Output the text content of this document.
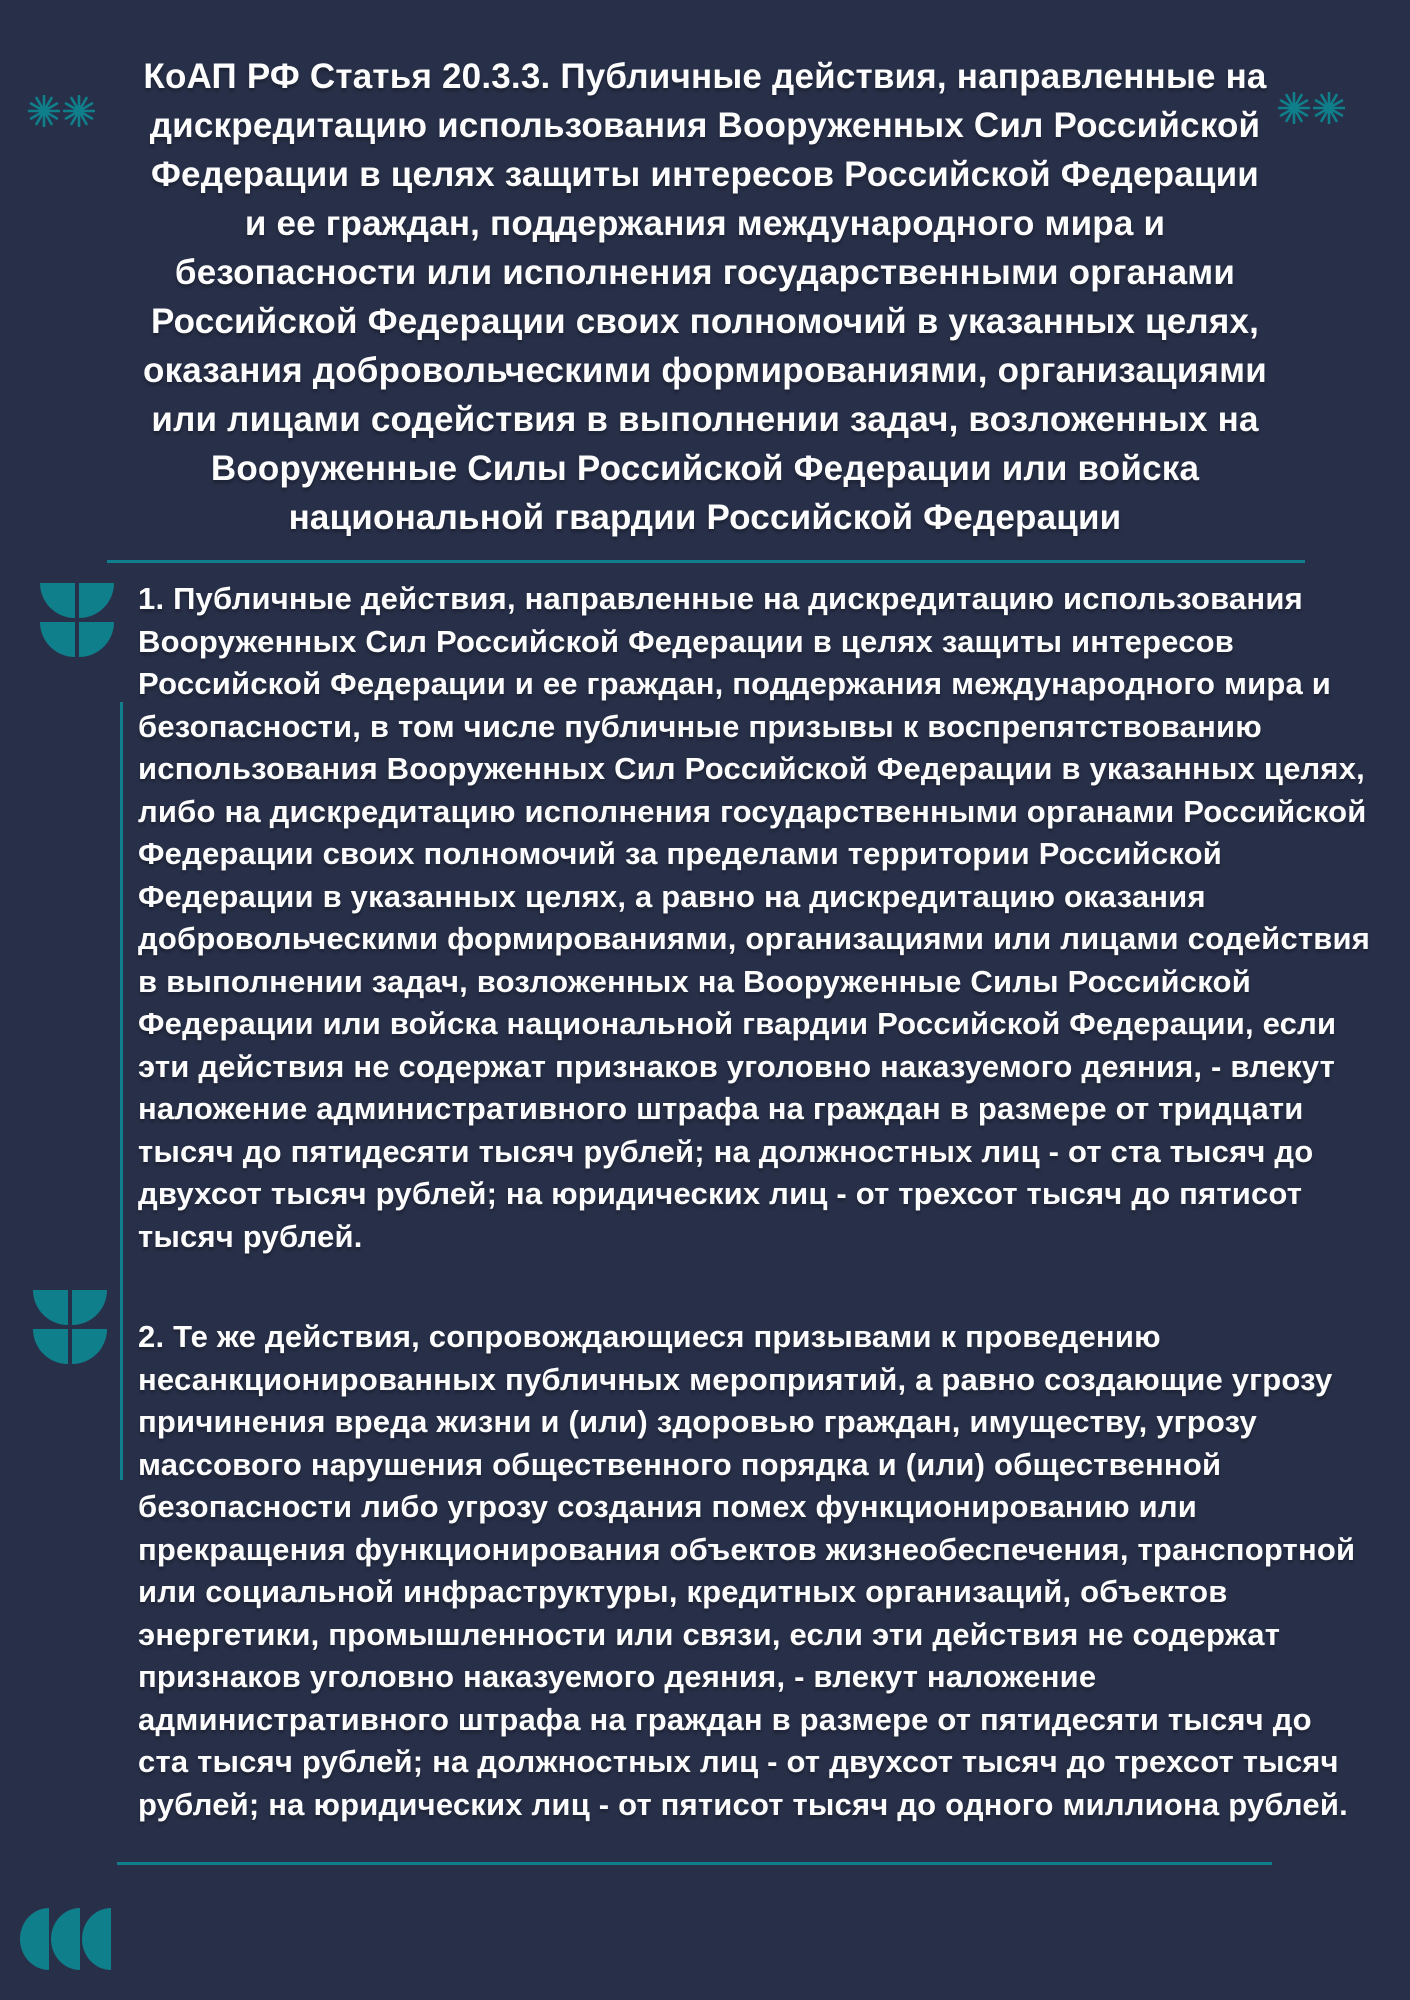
КоАП РФ Статья 20.3.3. Публичные действия, направленные на
дискредитацию использования Вооруженных Сил Российской
Федерации в целях защиты интересов Российской Федерации
и ее граждан, поддержания международного мира и
безопасности или исполнения государственными органами
Российской Федерации своих полномочий в указанных целях,
оказания добровольческими формированиями, организациями
или лицами содействия в выполнении задач, возложенных на
Вооруженные Силы Российской Федерации или войска
национальной гвардии Российской Федерации
1. Публичные действия, направленные на дискредитацию использования
Вооруженных Сил Российской Федерации в целях защиты интересов
Российской Федерации и ее граждан, поддержания международного мира и
безопасности, в том числе публичные призывы к воспрепятствованию
использования Вооруженных Сил Российской Федерации в указанных целях,
либо на дискредитацию исполнения государственными органами Российской
Федерации своих полномочий за пределами территории Российской
Федерации в указанных целях, а равно на дискредитацию оказания
добровольческими формированиями, организациями или лицами содействия
в выполнении задач, возложенных на Вооруженные Силы Российской
Федерации или войска национальной гвардии Российской Федерации, если
эти действия не содержат признаков уголовно наказуемого деяния, - влекут
наложение административного штрафа на граждан в размере от тридцати
тысяч до пятидесяти тысяч рублей; на должностных лиц - от ста тысяч до
двухсот тысяч рублей; на юридических лиц - от трехсот тысяч до пятисот
тысяч рублей.
2. Те же действия, сопровождающиеся призывами к проведению
несанкционированных публичных мероприятий, а равно создающие угрозу
причинения вреда жизни и (или) здоровью граждан, имуществу, угрозу
массового нарушения общественного порядка и (или) общественной
безопасности либо угрозу создания помех функционированию или
прекращения функционирования объектов жизнеобеспечения, транспортной
или социальной инфраструктуры, кредитных организаций, объектов
энергетики, промышленности или связи, если эти действия не содержат
признаков уголовно наказуемого деяния, - влекут наложение
административного штрафа на граждан в размере от пятидесяти тысяч до
ста тысяч рублей; на должностных лиц - от двухсот тысяч до трехсот тысяч
рублей; на юридических лиц - от пятисот тысяч до одного миллиона рублей.
